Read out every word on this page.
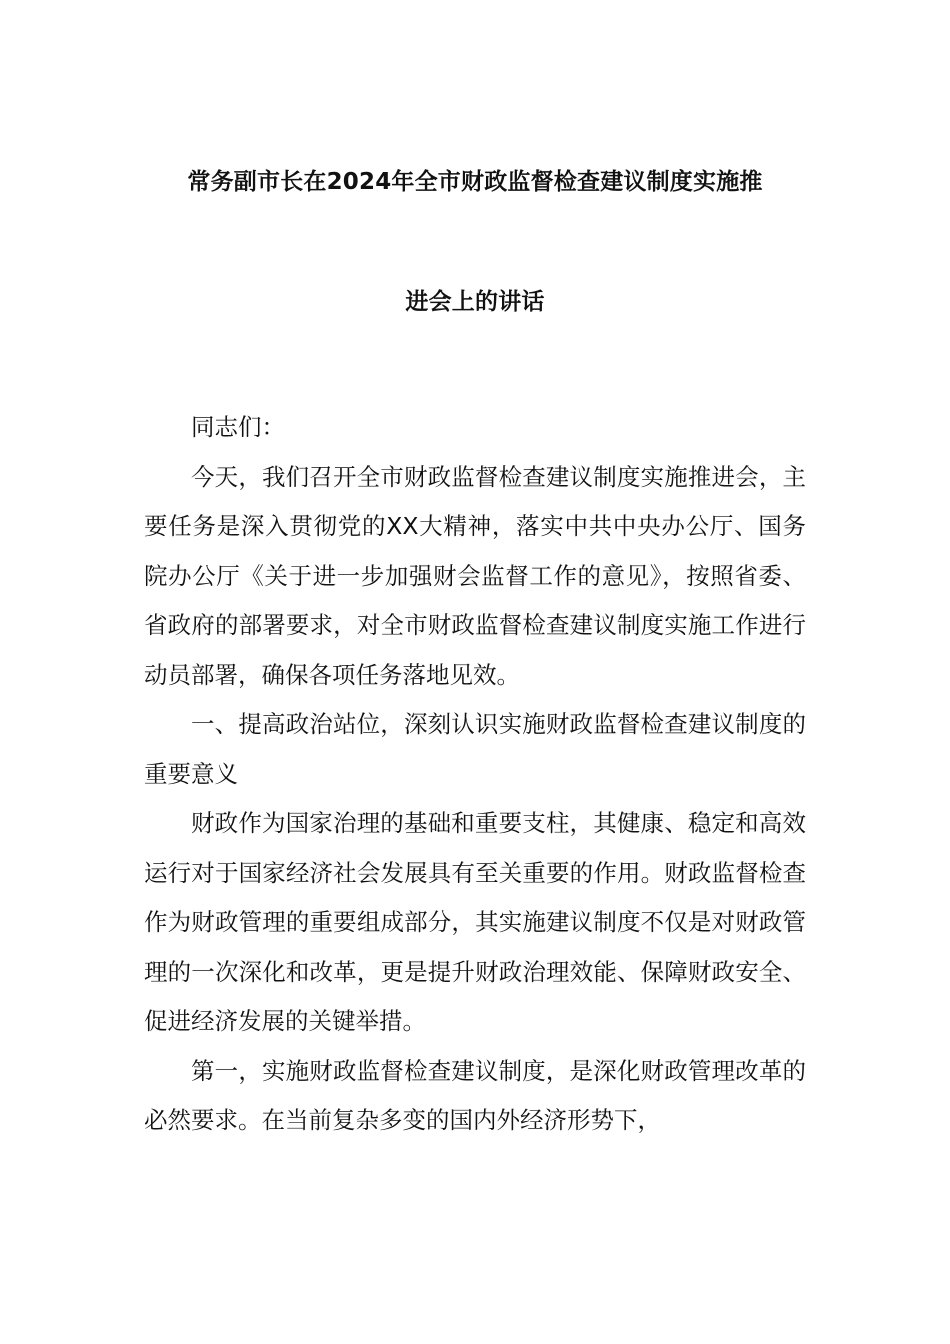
常务副市长在2024年全市财政监督检查建议制度实施推
进会上的讲话

同志们：

今天，我们召开全市财政监督检查建议制度实施推进会，主要任务是深入贯彻党的XX大精神，落实中共中央办公厅、国务院办公厅《关于进一步加强财会监督工作的意见》，按照省委、省政府的部署要求，对全市财政监督检查建议制度实施工作进行动员部署，确保各项任务落地见效。

一、提高政治站位，深刻认识实施财政监督检查建议制度的重要意义

财政作为国家治理的基础和重要支柱，其健康、稳定和高效运行对于国家经济社会发展具有至关重要的作用。财政监督检查作为财政管理的重要组成部分，其实施建议制度不仅是对财政管理的一次深化和改革，更是提升财政治理效能、保障财政安全、促进经济发展的关键举措。

第一，实施财政监督检查建议制度，是深化财政管理改革的必然要求。在当前复杂多变的国内外经济形势下，
